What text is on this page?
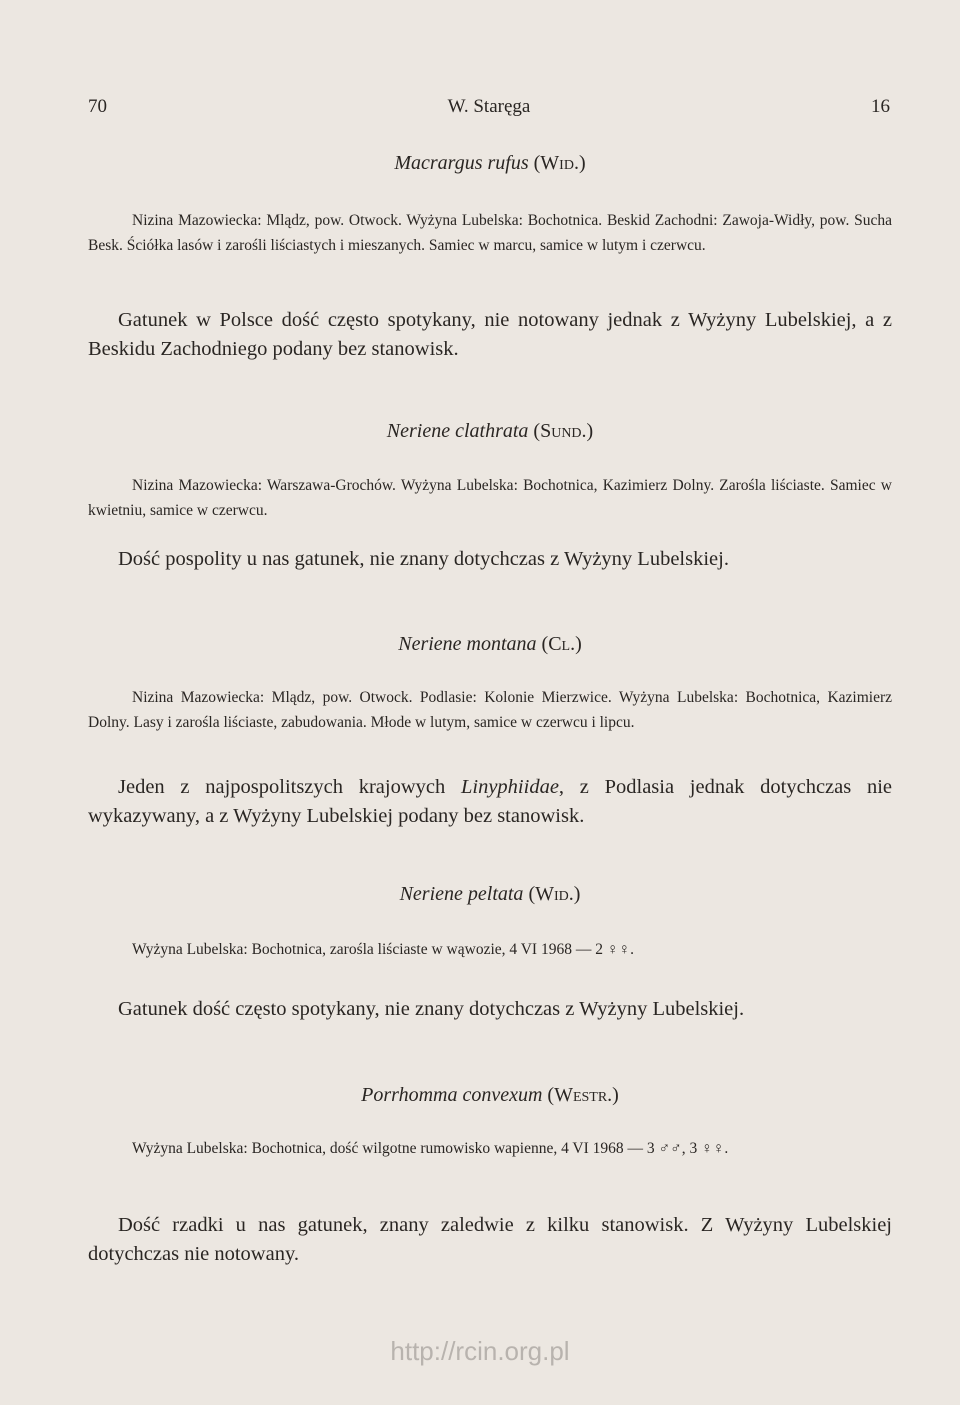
70	W. Staręga	16
Macrargus rufus (Wid.)
Nizina Mazowiecka: Mlądz, pow. Otwock. Wyżyna Lubelska: Bochotnica. Beskid Zachodni: Zawoja-Widły, pow. Sucha Besk. Ściółka lasów i zarośli liściastych i mieszanych. Samiec w marcu, samice w lutym i czerwcu.
Gatunek w Polsce dość często spotykany, nie notowany jednak z Wyżyny Lubelskiej, a z Beskidu Zachodniego podany bez stanowisk.
Neriene clathrata (Sund.)
Nizina Mazowiecka: Warszawa-Grochów. Wyżyna Lubelska: Bochotnica, Kazimierz Dolny. Zarośla liściaste. Samiec w kwietniu, samice w czerwcu.
Dość pospolity u nas gatunek, nie znany dotychczas z Wyżyny Lubelskiej.
Neriene montana (Cl.)
Nizina Mazowiecka: Mlądz, pow. Otwock. Podlasie: Kolonie Mierzwice. Wyżyna Lubelska: Bochotnica, Kazimierz Dolny. Lasy i zarośla liściaste, zabudowania. Młode w lutym, samice w czerwcu i lipcu.
Jeden z najpospolitszych krajowych Linyphiidae, z Podlasia jednak dotychczas nie wykazywany, a z Wyżyny Lubelskiej podany bez stanowisk.
Neriene peltata (Wid.)
Wyżyna Lubelska: Bochotnica, zarośla liściaste w wąwozie, 4 VI 1968 — 2 ♀♀.
Gatunek dość często spotykany, nie znany dotychczas z Wyżyny Lubelskiej.
Porrhomma convexum (Westr.)
Wyżyna Lubelska: Bochotnica, dość wilgotne rumowisko wapienne, 4 VI 1968 — 3 ♂♂, 3 ♀♀.
Dość rzadki u nas gatunek, znany zaledwie z kilku stanowisk. Z Wyżyny Lubelskiej dotychczas nie notowany.
http://rcin.org.pl
